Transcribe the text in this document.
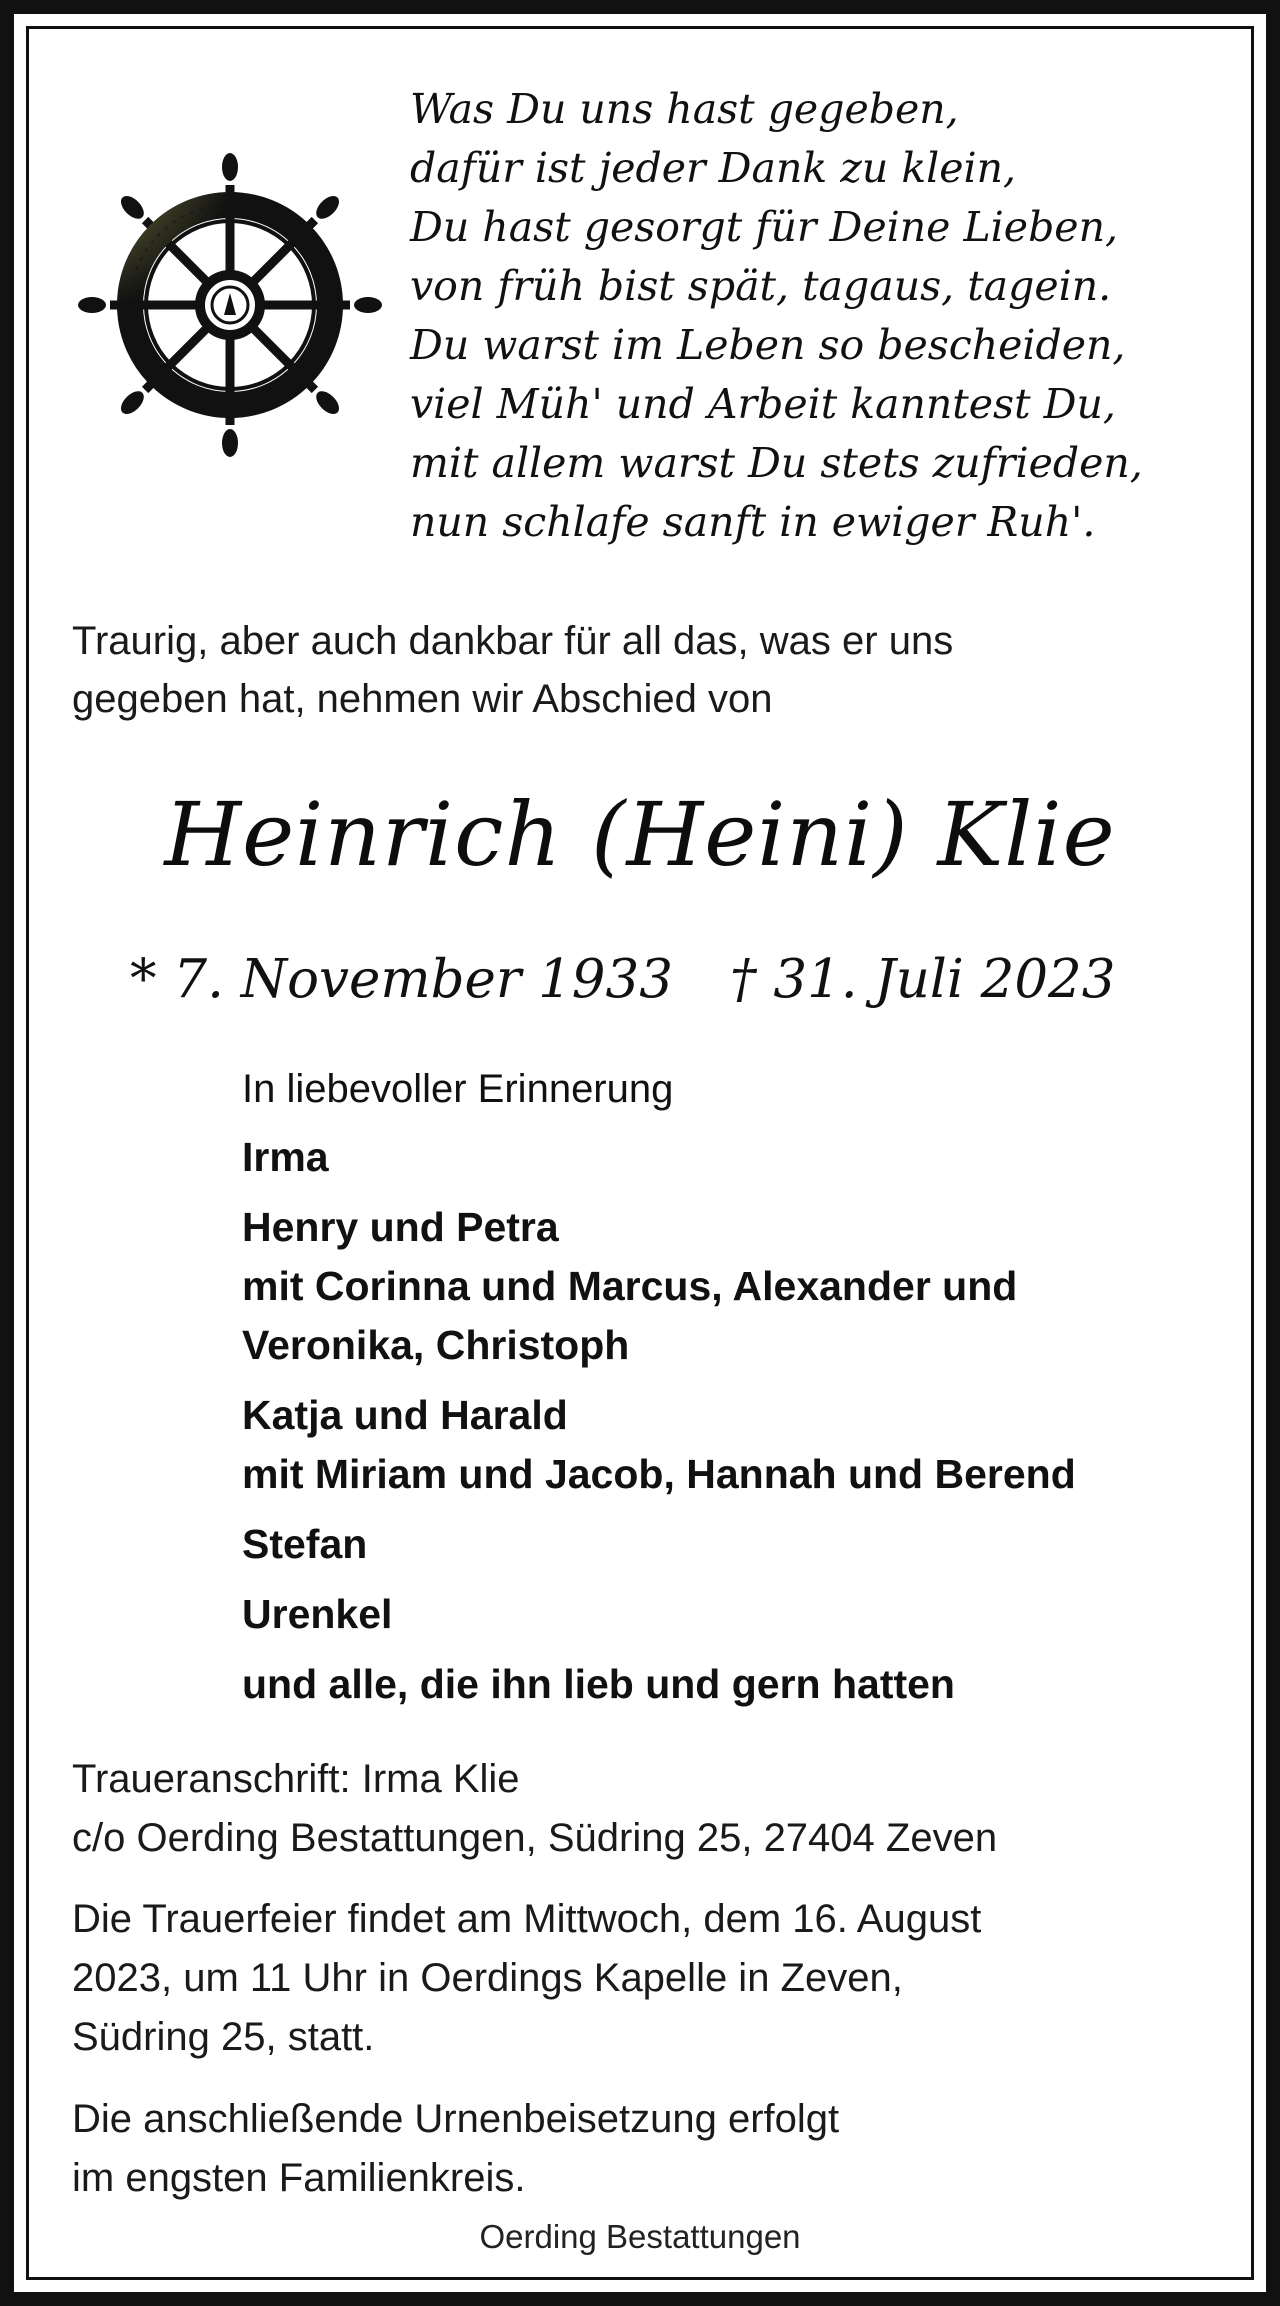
Was Du uns hast gegeben,
dafür ist jeder Dank zu klein,
Du hast gesorgt für Deine Lieben,
von früh bist spät, tagaus, tagein.
Du warst im Leben so bescheiden,
viel Müh' und Arbeit kanntest Du,
mit allem warst Du stets zufrieden,
nun schlafe sanft in ewiger Ruh'.
Traurig, aber auch dankbar für all das, was er uns
gegeben hat, nehmen wir Abschied von
Heinrich (Heini) Klie
* 7. November 1933 † 31. Juli 2023
In liebevoller Erinnerung
Irma
Henry und Petra
mit Corinna und Marcus, Alexander und
Veronika, Christoph
Katja und Harald
mit Miriam und Jacob, Hannah und Berend
Stefan
Urenkel
und alle, die ihn lieb und gern hatten
Traueranschrift: Irma Klie
c/o Oerding Bestattungen, Südring 25, 27404 Zeven
Die Trauerfeier findet am Mittwoch, dem 16. August
2023, um 11 Uhr in Oerdings Kapelle in Zeven,
Südring 25, statt.
Die anschließende Urnenbeisetzung erfolgt
im engsten Familienkreis.
Oerding Bestattungen
